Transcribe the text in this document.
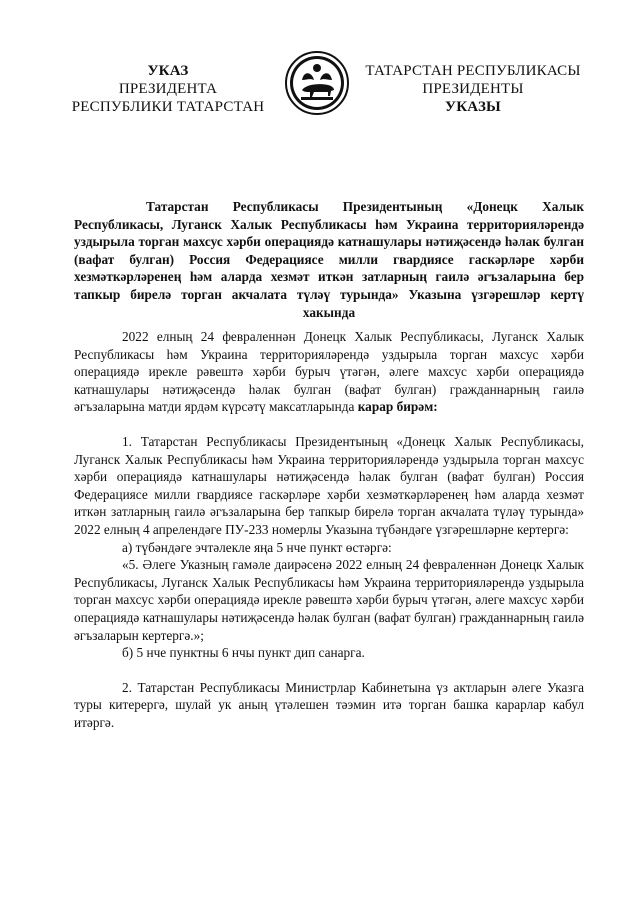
УКАЗ
ПРЕЗИДЕНТА
РЕСПУБЛИКИ ТАТАРСТАН
ТАТАРСТАН РЕСПУБЛИКАСЫ
ПРЕЗИДЕНТЫ
УКАЗЫ
Татарстан Республикасы Президентының «Донецк Халык Республикасы, Луганск Халык Республикасы һәм Украина территорияләрендә уздырыла торган махсус хәрби операциядә катнашулары нәтиҗәсендә һәлак булган (вафат булган) Россия Федерациясе милли гвардиясе гаскәрләре хәрби хезмәткәрләренең һәм аларда хезмәт иткән затларның гаилә әгъзаларына бер тапкыр бирелә торган акчалата түләү турында» Указына үзгәрешләр кертү хакында

2022 елның 24 февраленнән Донецк Халык Республикасы, Луганск Халык Республикасы һәм Украина территорияләрендә уздырыла торган махсус хәрби операциядә ирекле рәвештә хәрби бурыч үтәгән, әлеге махсус хәрби операциядә катнашулары нәтиҗәсендә һәлак булган (вафат булган) гражданнарның гаилә әгъзаларына матди ярдәм күрсәтү максатларында карар бирәм:

1. Татарстан Республикасы Президентының «Донецк Халык Республикасы, Луганск Халык Республикасы һәм Украина территорияләрендә уздырыла торган махсус хәрби операциядә катнашулары нәтиҗәсендә һәлак булган (вафат булган) Россия Федерациясе милли гвардиясе гаскәрләре хәрби хезмәткәрләренең һәм аларда хезмәт иткән затларның гаилә әгъзаларына бер тапкыр бирелә торган акчалата түләү турында» 2022 елның 4 апрелендәге ПУ-233 номерлы Указына түбәндәге үзгәрешләрне кертергә:

а) түбәндәге эчтәлекле яңа 5 нче пункт өстәргә:

«5. Әлеге Указның гамәле даирәсенә 2022 елның 24 февраленнән Донецк Халык Республикасы, Луганск Халык Республикасы һәм Украина территорияләрендә уздырыла торган махсус хәрби операциядә ирекле рәвештә хәрби бурыч үтәгән, әлеге махсус хәрби операциядә катнашулары нәтиҗәсендә һәлак булган (вафат булган) гражданнарның гаилә әгъзаларын кертергә.»;

б) 5 нче пунктны 6 нчы пункт дип санарга.

2. Татарстан Республикасы Министрлар Кабинетына үз актларын әлеге Указга туры китерергә, шулай ук аның үтәлешен тәэмин итә торган башка карарлар кабул итәргә.
